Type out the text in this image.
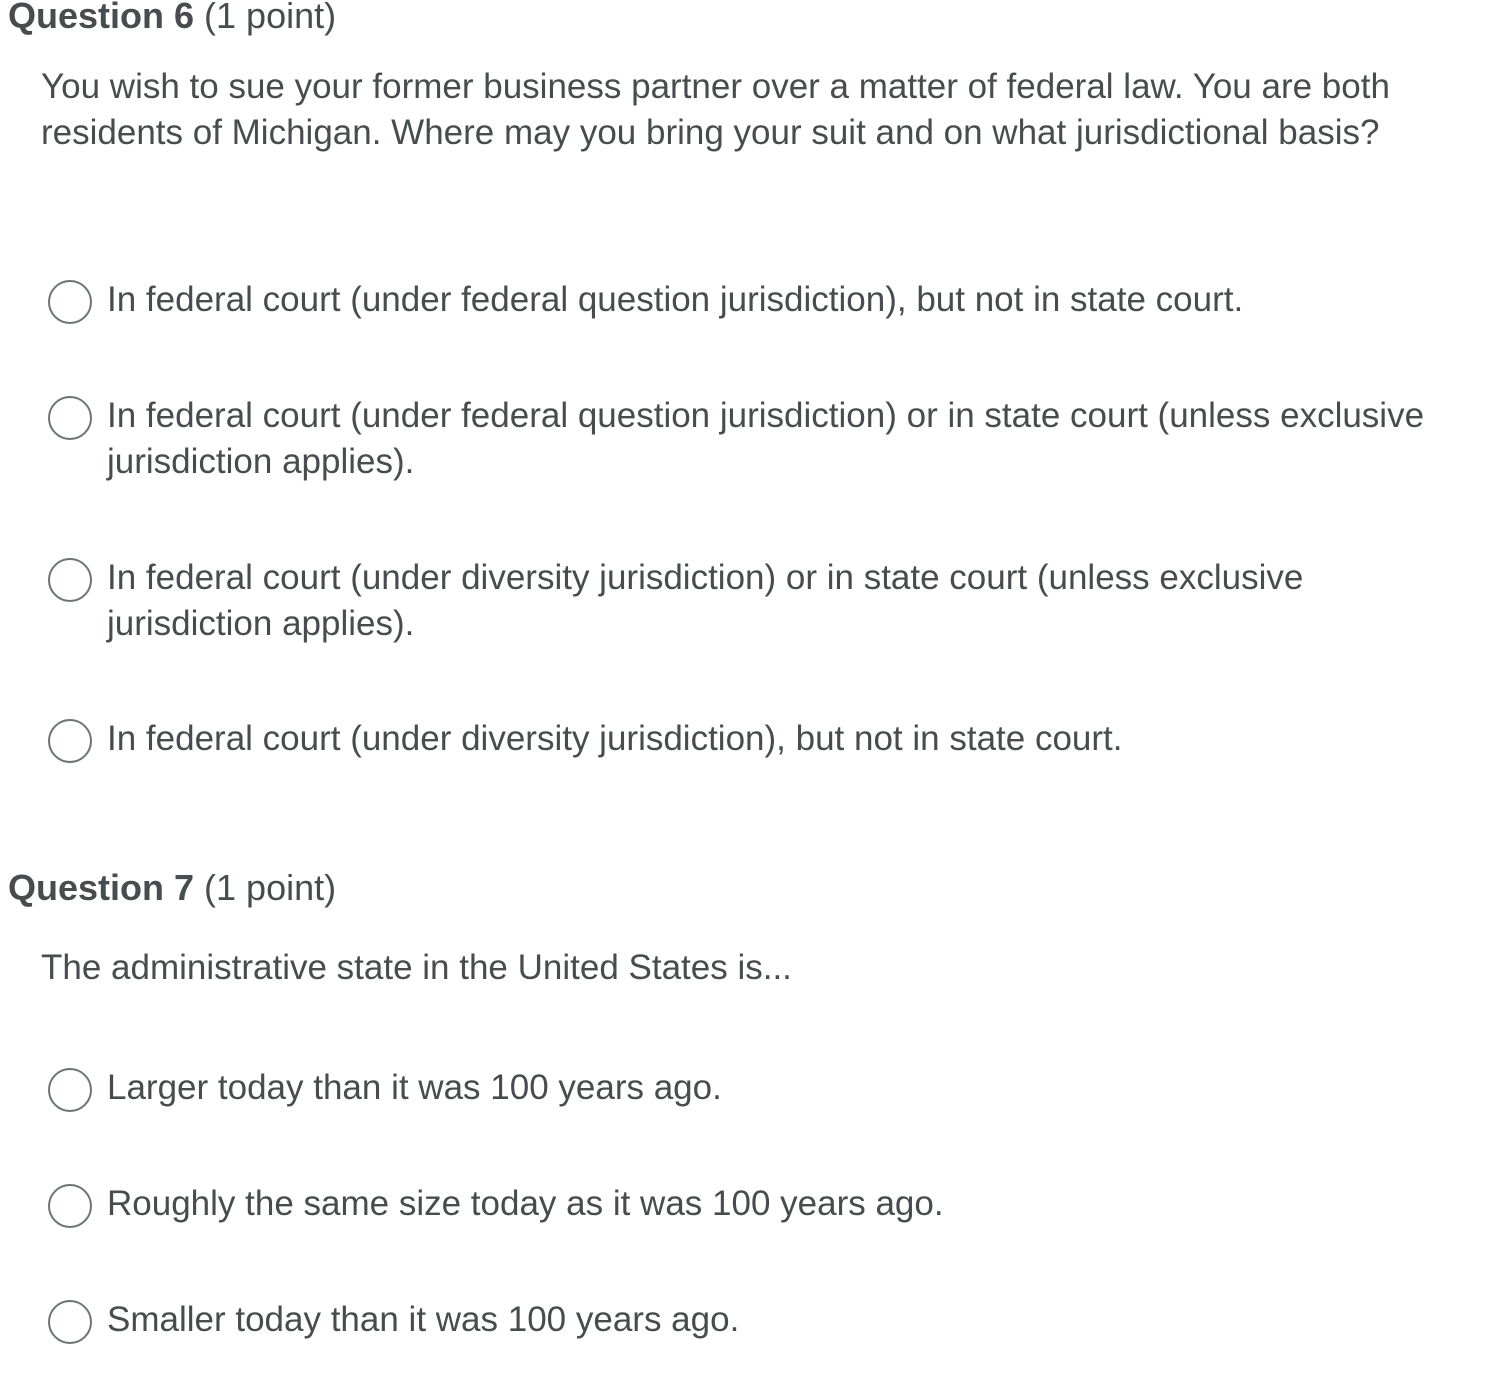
Question 6 (1 point)
You wish to sue your former business partner over a matter of federal law. You are both residents of Michigan. Where may you bring your suit and on what jurisdictional basis?
In federal court (under federal question jurisdiction), but not in state court.
In federal court (under federal question jurisdiction) or in state court (unless exclusive jurisdiction applies).
In federal court (under diversity jurisdiction) or in state court (unless exclusive jurisdiction applies).
In federal court (under diversity jurisdiction), but not in state court.
Question 7 (1 point)
The administrative state in the United States is...
Larger today than it was 100 years ago.
Roughly the same size today as it was 100 years ago.
Smaller today than it was 100 years ago.
